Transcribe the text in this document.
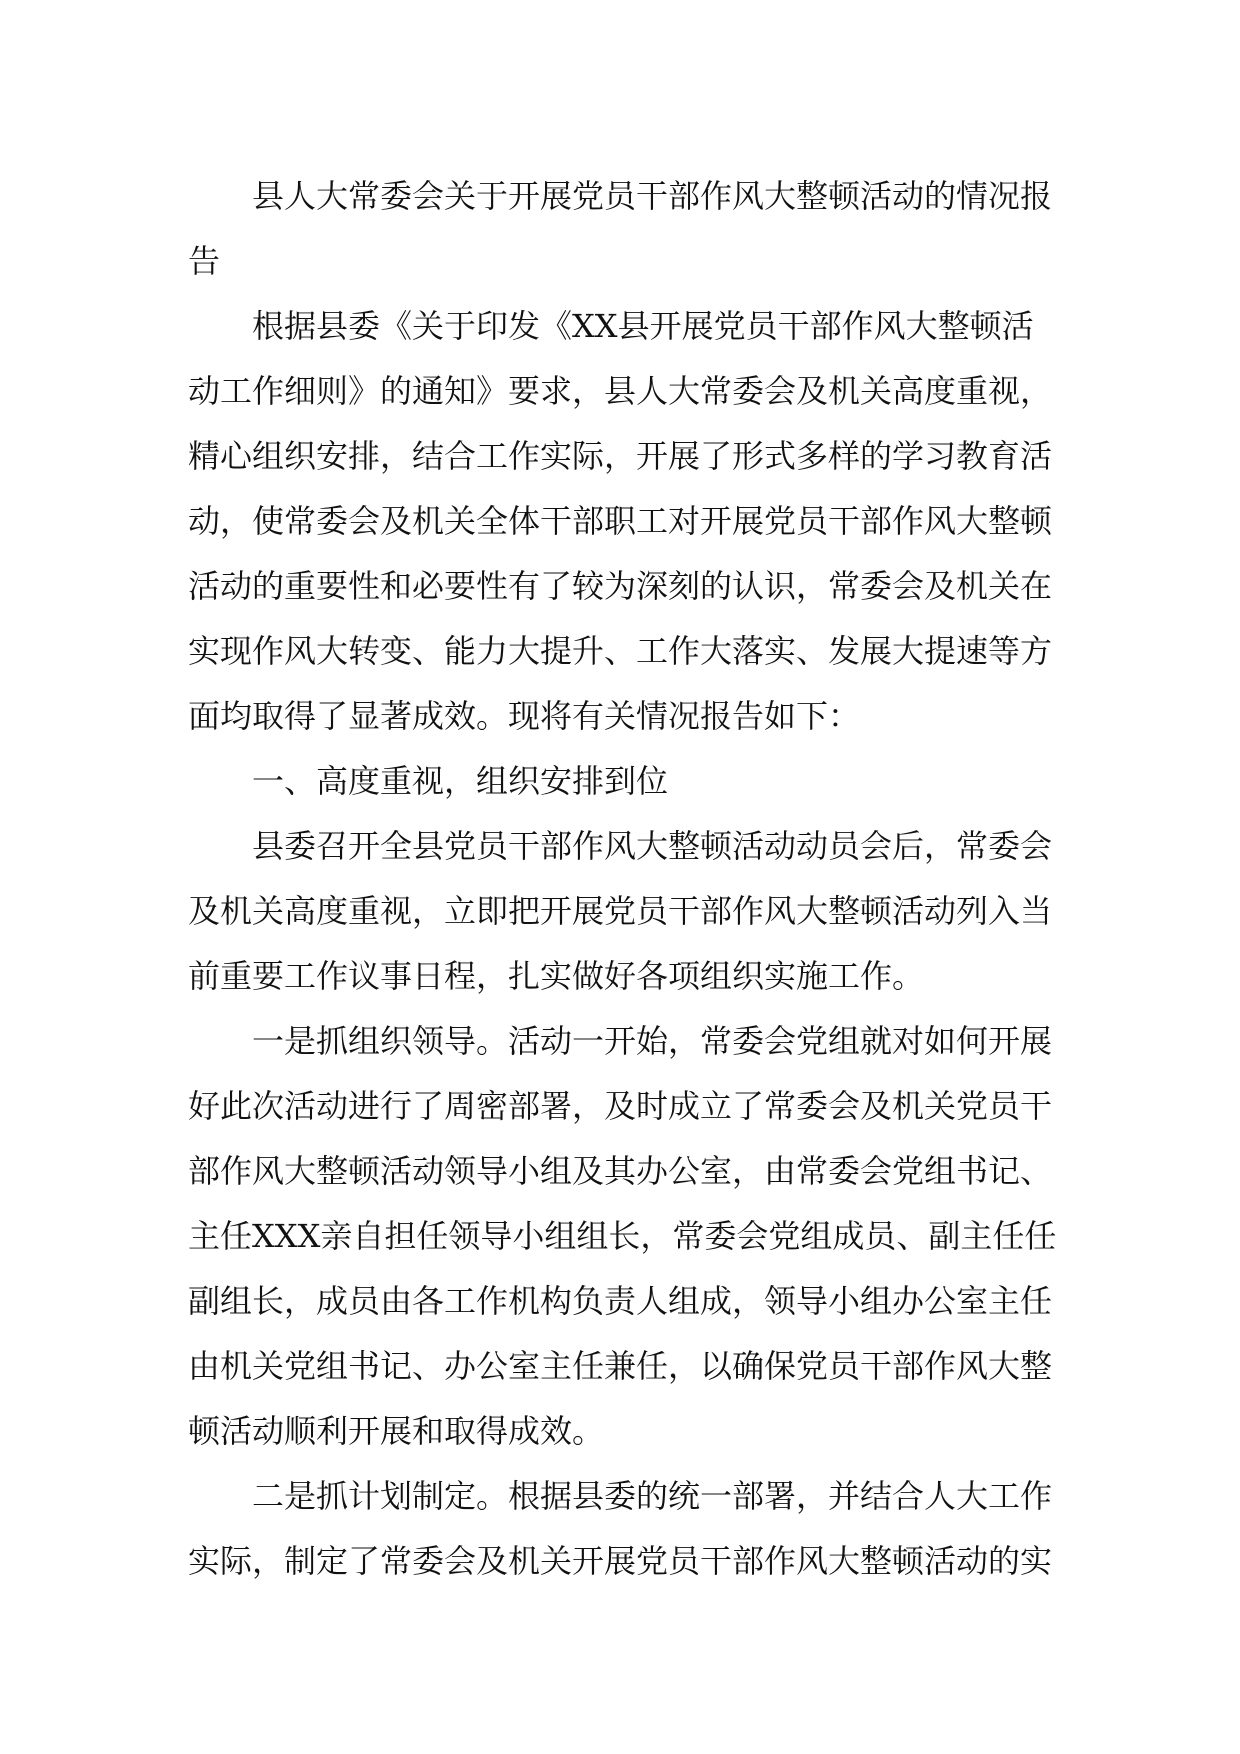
县人大常委会关于开展党员干部作风大整顿活动的情况报告

根据县委《关于印发《XX县开展党员干部作风大整顿活动工作细则》的通知》要求，县人大常委会及机关高度重视，精心组织安排，结合工作实际，开展了形式多样的学习教育活动，使常委会及机关全体干部职工对开展党员干部作风大整顿活动的重要性和必要性有了较为深刻的认识，常委会及机关在实现作风大转变、能力大提升、工作大落实、发展大提速等方面均取得了显著成效。现将有关情况报告如下：

一、高度重视，组织安排到位

县委召开全县党员干部作风大整顿活动动员会后，常委会及机关高度重视，立即把开展党员干部作风大整顿活动列入当前重要工作议事日程，扎实做好各项组织实施工作。

一是抓组织领导。活动一开始，常委会党组就对如何开展好此次活动进行了周密部署，及时成立了常委会及机关党员干部作风大整顿活动领导小组及其办公室，由常委会党组书记、主任XXX亲自担任领导小组组长，常委会党组成员、副主任任副组长，成员由各工作机构负责人组成，领导小组办公室主任由机关党组书记、办公室主任兼任，以确保党员干部作风大整顿活动顺利开展和取得成效。

二是抓计划制定。根据县委的统一部署，并结合人大工作实际，制定了常委会及机关开展党员干部作风大整顿活动的实
